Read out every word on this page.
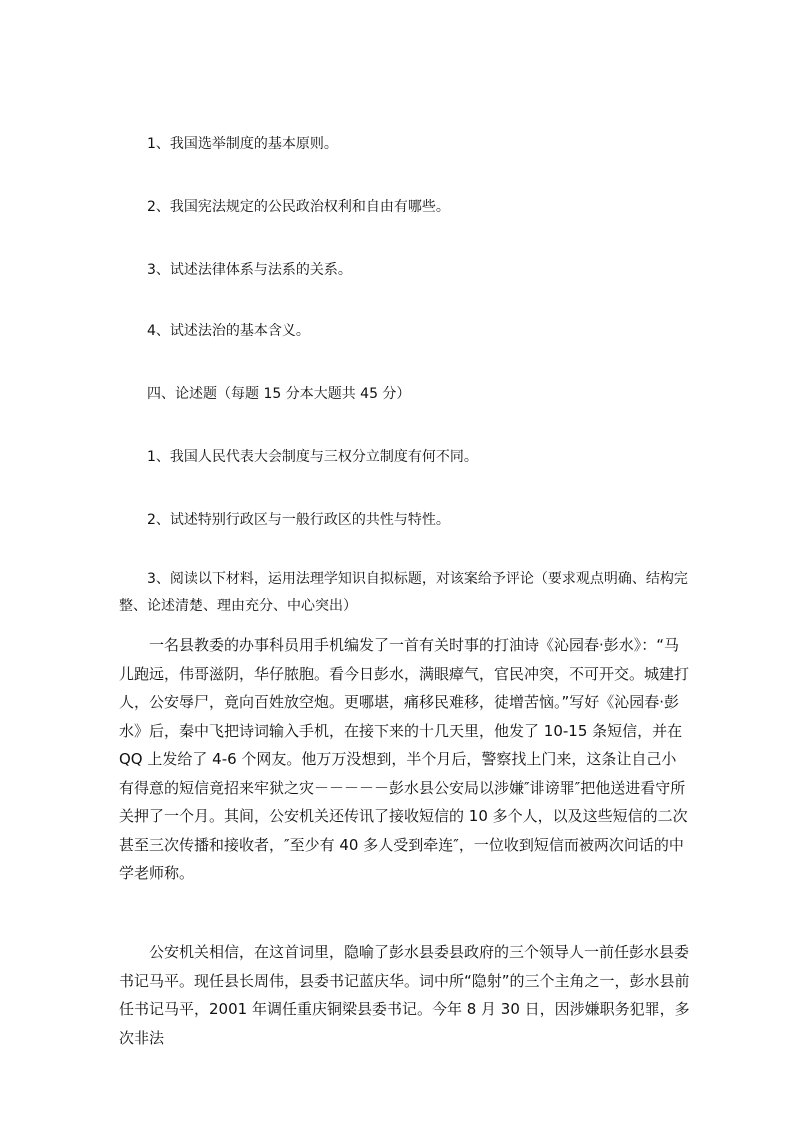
1、我国选举制度的基本原则。
2、我国宪法规定的公民政治权利和自由有哪些。
3、试述法律体系与法系的关系。
4、试述法治的基本含义。
四、论述题（每题 15 分本大题共 45 分）
1、我国人民代表大会制度与三权分立制度有何不同。
2、试述特别行政区与一般行政区的共性与特性。
3、阅读以下材料，运用法理学知识自拟标题，对该案给予评论（要求观点明确、结构完整、论述清楚、理由充分、中心突出）
一名县教委的办事科员用手机编发了一首有关时事的打油诗《沁园春·彭水》：“马儿跑远，伟哥滋阴，华仔脓胞。看今日彭水，满眼瘴气，官民冲突，不可开交。城建打人，公安辱尸，竟向百姓放空炮。更哪堪，痛移民难移，徒增苦恼。”写好《沁园春·彭水》后，秦中飞把诗词输入手机，在接下来的十几天里，他发了 10-15 条短信，并在 QQ 上发给了 4-6 个网友。他万万没想到，半个月后，警察找上门来，这条让自己小有得意的短信竟招来牢狱之灾－－－－－彭水县公安局以涉嫌″诽谤罪″把他送进看守所关押了一个月。其间，公安机关还传讯了接收短信的 10 多个人，以及这些短信的二次甚至三次传播和接收者，″至少有 40 多人受到牵连″，一位收到短信而被两次问话的中学老师称。
公安机关相信，在这首词里，隐喻了彭水县委县政府的三个领导人一前任彭水县委书记马平。现任县长周伟，县委书记蓝庆华。词中所“隐射”的三个主角之一，彭水县前任书记马平，2001 年调任重庆铜梁县委书记。今年 8 月 30 日，因涉嫌职务犯罪，多次非法
